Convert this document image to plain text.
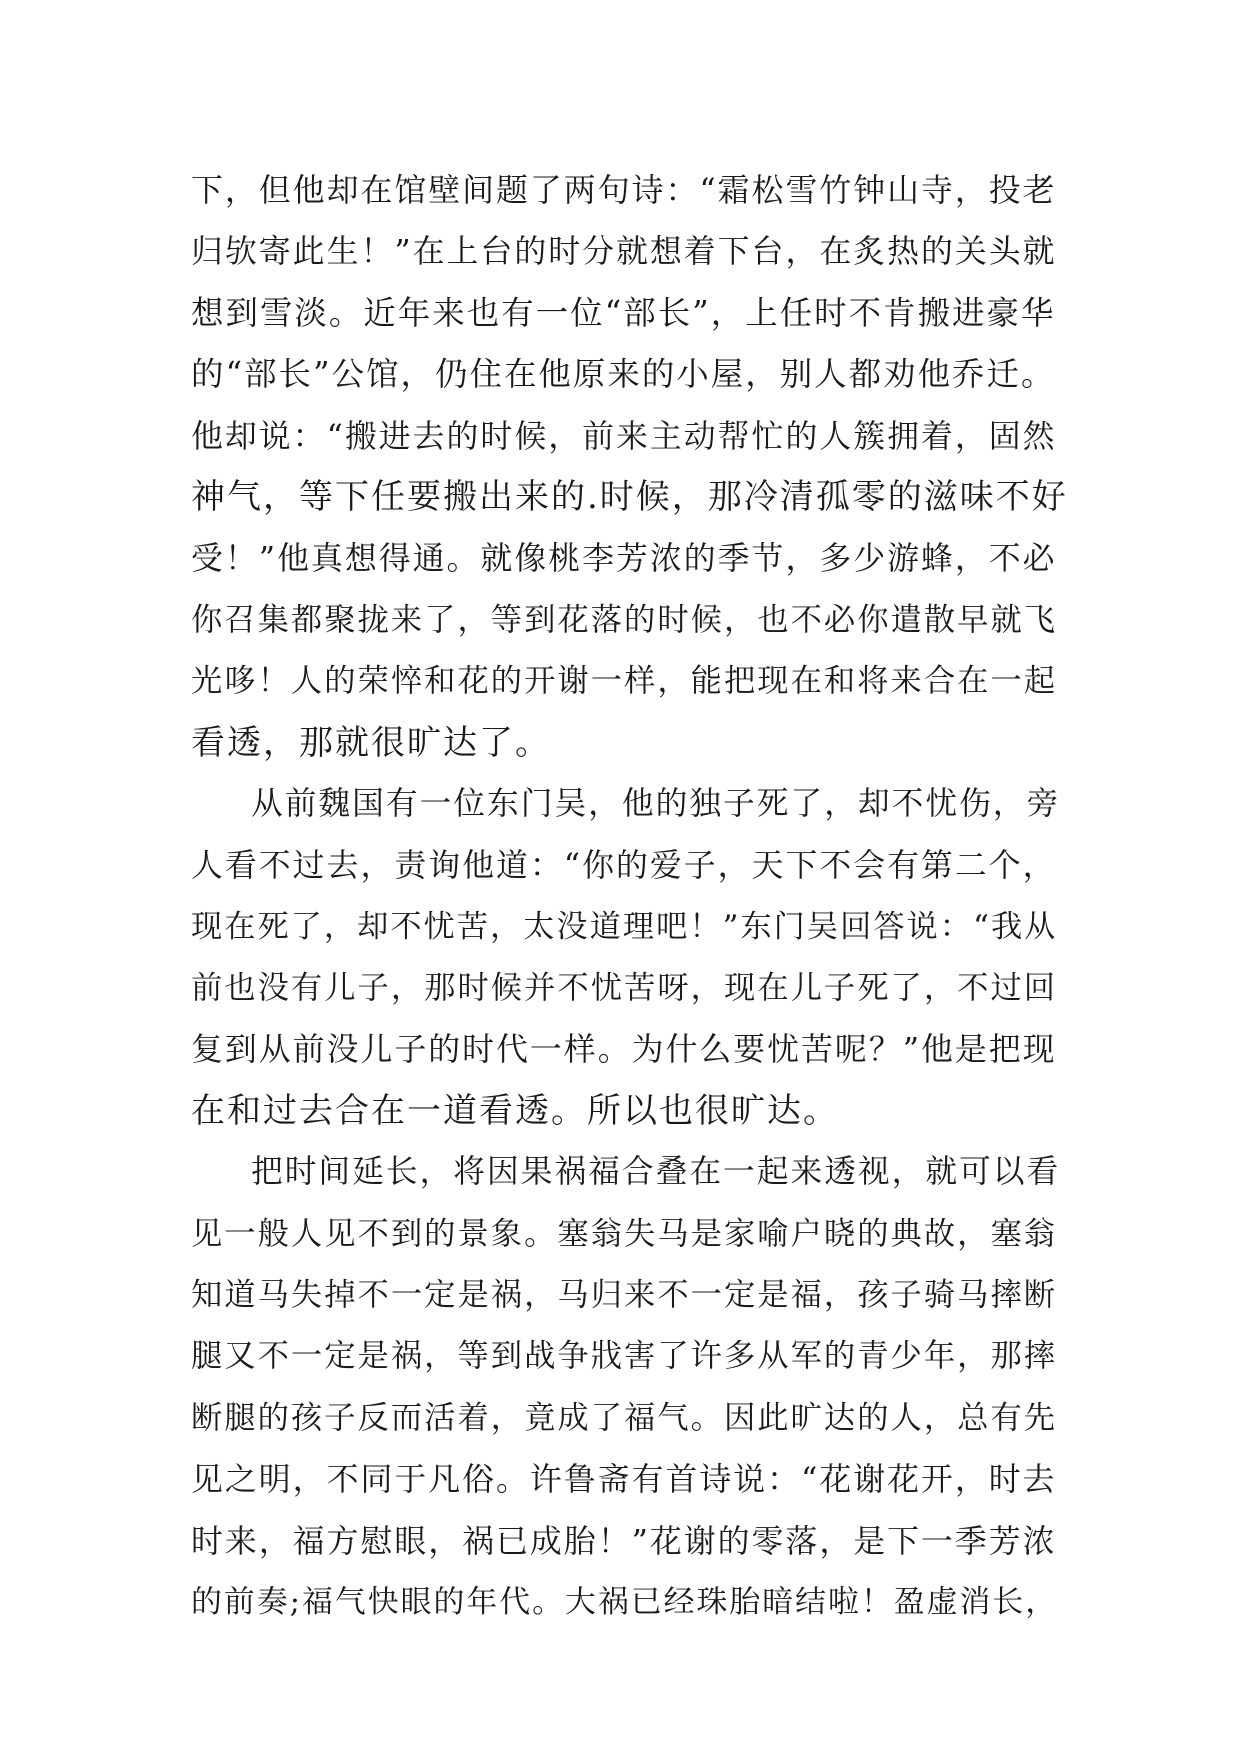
下，但他却在馆壁间题了两句诗：“霜松雪竹钟山寺，投老
归欤寄此生！”在上台的时分就想着下台，在炙热的关头就
想到雪淡。近年来也有一位“部长”，上任时不肯搬进豪华
的“部长”公馆，仍住在他原来的小屋，别人都劝他乔迁。
他却说：“搬进去的时候，前来主动帮忙的人簇拥着，固然
神气，等下任要搬出来的.时候，那冷清孤零的滋味不好
受！”他真想得通。就像桃李芳浓的季节，多少游蜂，不必
你召集都聚拢来了，等到花落的时候，也不必你遣散早就飞
光哆！人的荣悴和花的开谢一样，能把现在和将来合在一起
看透，那就很旷达了。
从前魏国有一位东门吴，他的独子死了，却不忧伤，旁
人看不过去，责询他道：“你的爱子，天下不会有第二个，
现在死了，却不忧苦，太没道理吧！”东门吴回答说：“我从
前也没有儿子，那时候并不忧苦呀，现在儿子死了，不过回
复到从前没儿子的时代一样。为什么要忧苦呢？”他是把现
在和过去合在一道看透。所以也很旷达。
把时间延长，将因果祸福合叠在一起来透视，就可以看
见一般人见不到的景象。塞翁失马是家喻户晓的典故，塞翁
知道马失掉不一定是祸，马归来不一定是福，孩子骑马摔断
腿又不一定是祸，等到战争戕害了许多从军的青少年，那摔
断腿的孩子反而活着，竟成了福气。因此旷达的人，总有先
见之明，不同于凡俗。许鲁斋有首诗说：“花谢花开，时去
时来，福方慰眼，祸已成胎！”花谢的零落，是下一季芳浓
的前奏;福气快眼的年代。大祸已经珠胎暗结啦！盈虚消长，
